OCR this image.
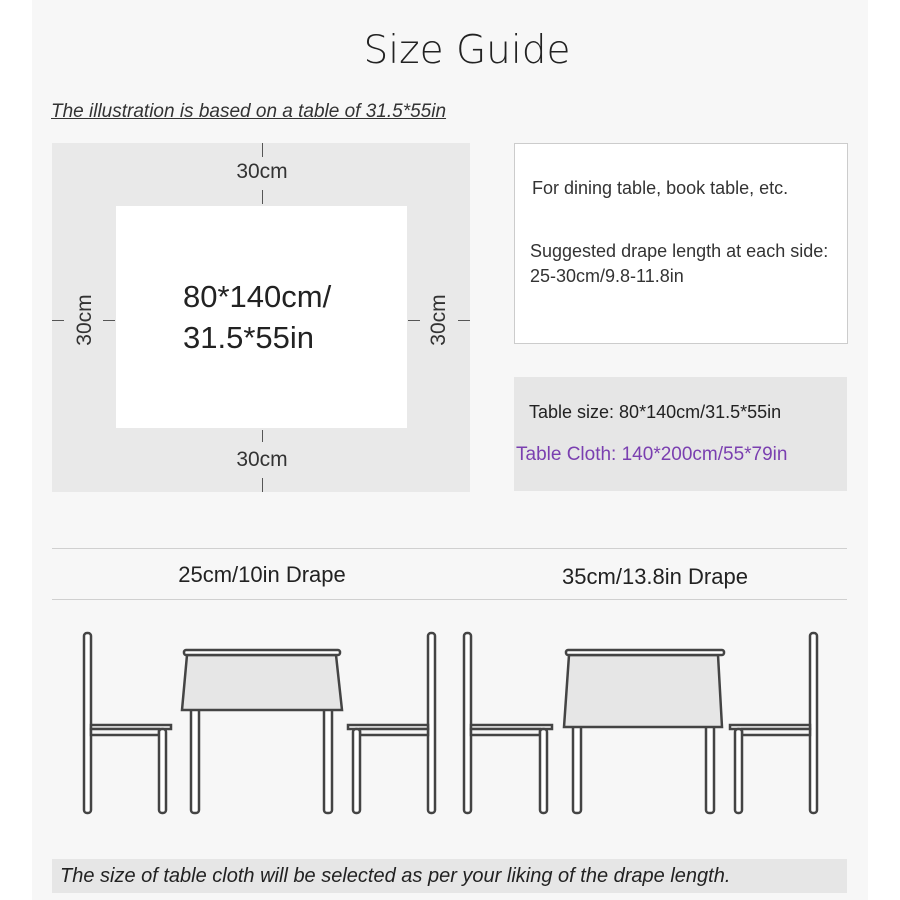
Size Guide
The illustration is based on a table of 31.5*55in
80*140cm/
31.5*55in
30cm
30cm
30cm	30cm
For dining table, book table, etc.
Suggested drape length at each side: 25-30cm/9.8-11.8in
Table size: 80*140cm/31.5*55in
Table Cloth: 140*200cm/55*79in
25cm/10in Drape	35cm/13.8in Drape
The size of table cloth will be selected as per your liking of the drape length.
